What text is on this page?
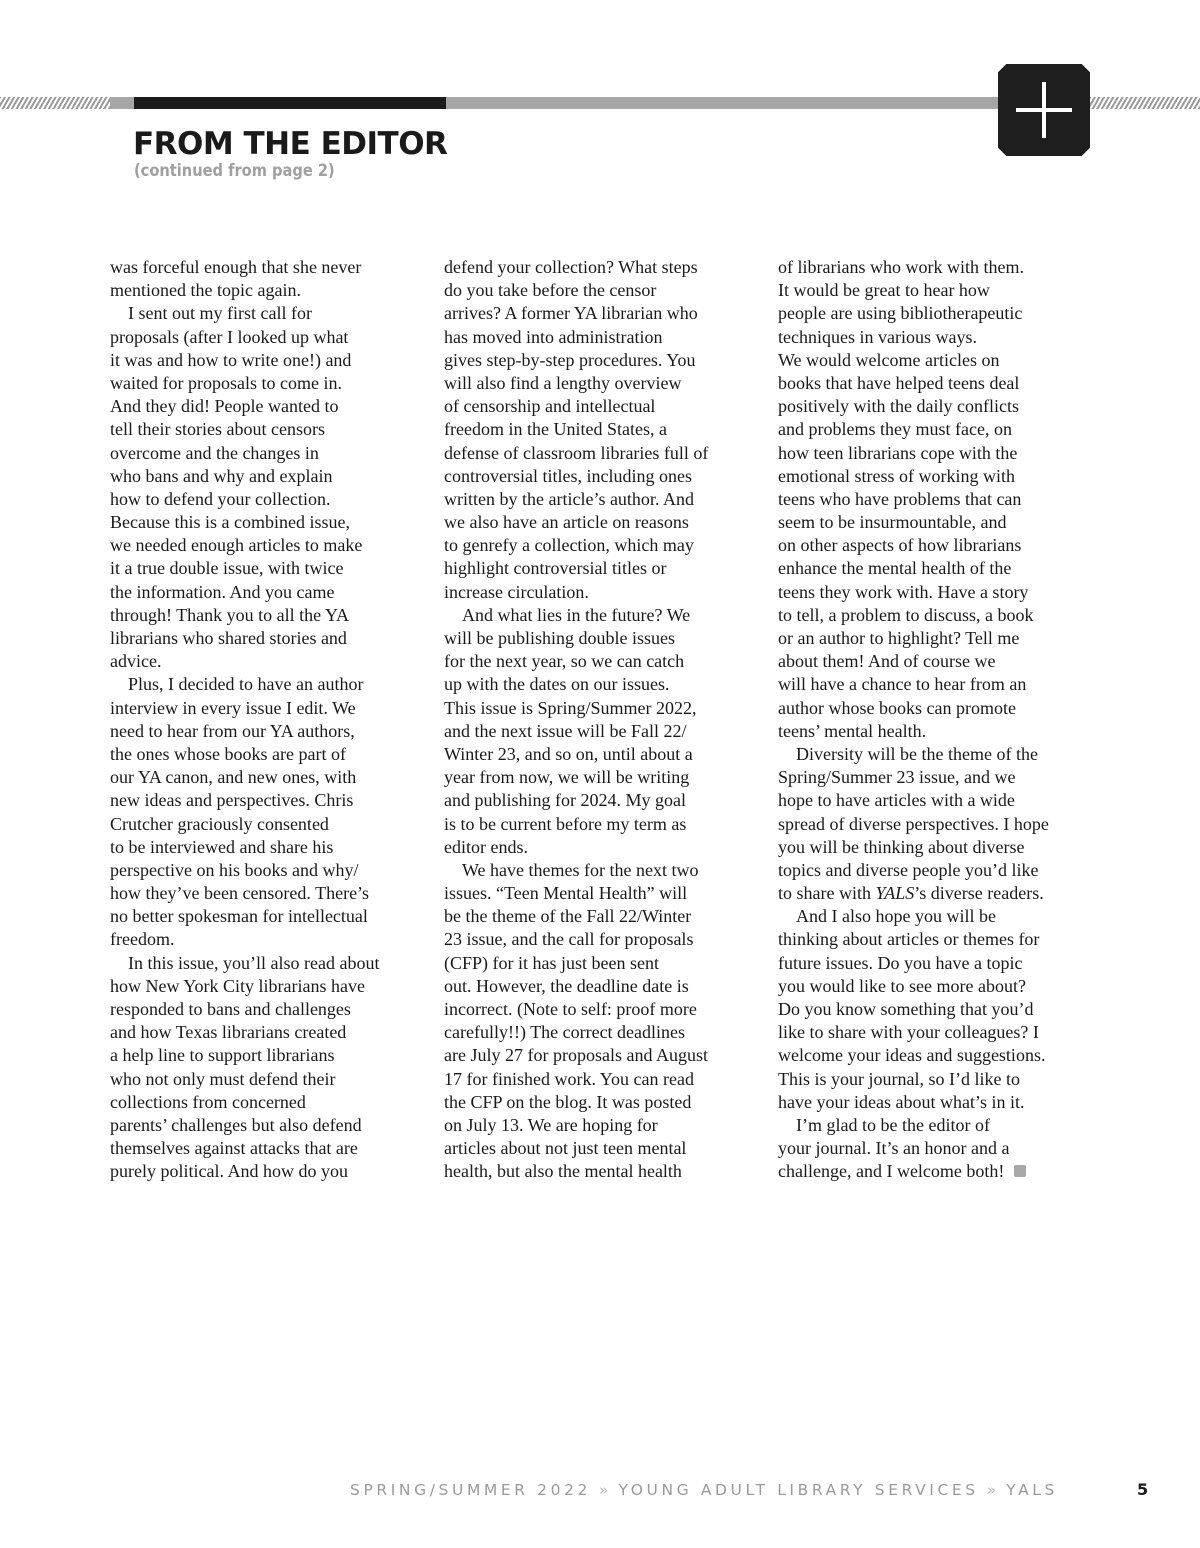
FROM THE EDITOR

(continued from page 2)

was forceful enough that she never
mentioned the topic again.
 I sent out my first call for
proposals (after I looked up what
it was and how to write one!) and
waited for proposals to come in.
And they did! People wanted to
tell their stories about censors
overcome and the changes in
who bans and why and explain
how to defend your collection.
Because this is a combined issue,
we needed enough articles to make
it a true double issue, with twice
the information. And you came
through! Thank you to all the YA
librarians who shared stories and
advice.
 Plus, I decided to have an author
interview in every issue I edit. We
need to hear from our YA authors,
the ones whose books are part of
our YA canon, and new ones, with
new ideas and perspectives. Chris
Crutcher graciously consented
to be interviewed and share his
perspective on his books and why/
how they’ve been censored. There’s
no better spokesman for intellectual
freedom.
 In this issue, you’ll also read about
how New York City librarians have
responded to bans and challenges
and how Texas librarians created
a help line to support librarians
who not only must defend their
collections from concerned
parents’ challenges but also defend
themselves against attacks that are
purely political. And how do you
defend your collection? What steps
do you take before the censor
arrives? A former YA librarian who
has moved into administration
gives step-by-step procedures. You
will also find a lengthy overview
of censorship and intellectual
freedom in the United States, a
defense of classroom libraries full of
controversial titles, including ones
written by the article’s author. And
we also have an article on reasons
to genrefy a collection, which may
highlight controversial titles or
increase circulation.
 And what lies in the future? We
will be publishing double issues
for the next year, so we can catch
up with the dates on our issues.
This issue is Spring/Summer 2022,
and the next issue will be Fall 22/
Winter 23, and so on, until about a
year from now, we will be writing
and publishing for 2024. My goal
is to be current before my term as
editor ends.
 We have themes for the next two
issues. “Teen Mental Health” will
be the theme of the Fall 22/Winter
23 issue, and the call for proposals
(CFP) for it has just been sent
out. However, the deadline date is
incorrect. (Note to self: proof more
carefully!!) The correct deadlines
are July 27 for proposals and August
17 for finished work. You can read
the CFP on the blog. It was posted
on July 13. We are hoping for
articles about not just teen mental
health, but also the mental health
of librarians who work with them.
It would be great to hear how
people are using bibliotherapeutic
techniques in various ways.
We would welcome articles on
books that have helped teens deal
positively with the daily conflicts
and problems they must face, on
how teen librarians cope with the
emotional stress of working with
teens who have problems that can
seem to be insurmountable, and
on other aspects of how librarians
enhance the mental health of the
teens they work with. Have a story
to tell, a problem to discuss, a book
or an author to highlight? Tell me
about them! And of course we
will have a chance to hear from an
author whose books can promote
teens’ mental health.
 Diversity will be the theme of the
Spring/Summer 23 issue, and we
hope to have articles with a wide
spread of diverse perspectives. I hope
you will be thinking about diverse
topics and diverse people you’d like
to share with YALS’s diverse readers.
 And I also hope you will be
thinking about articles or themes for
future issues. Do you have a topic
you would like to see more about?
Do you know something that you’d
like to share with your colleagues? I
welcome your ideas and suggestions.
This is your journal, so I’d like to
have your ideas about what’s in it.
 I’m glad to be the editor of
your journal. It’s an honor and a
challenge, and I welcome both!
SPRING/SUMMER 2022 » YOUNG ADULT LIBRARY SERVICES » YALS	5
